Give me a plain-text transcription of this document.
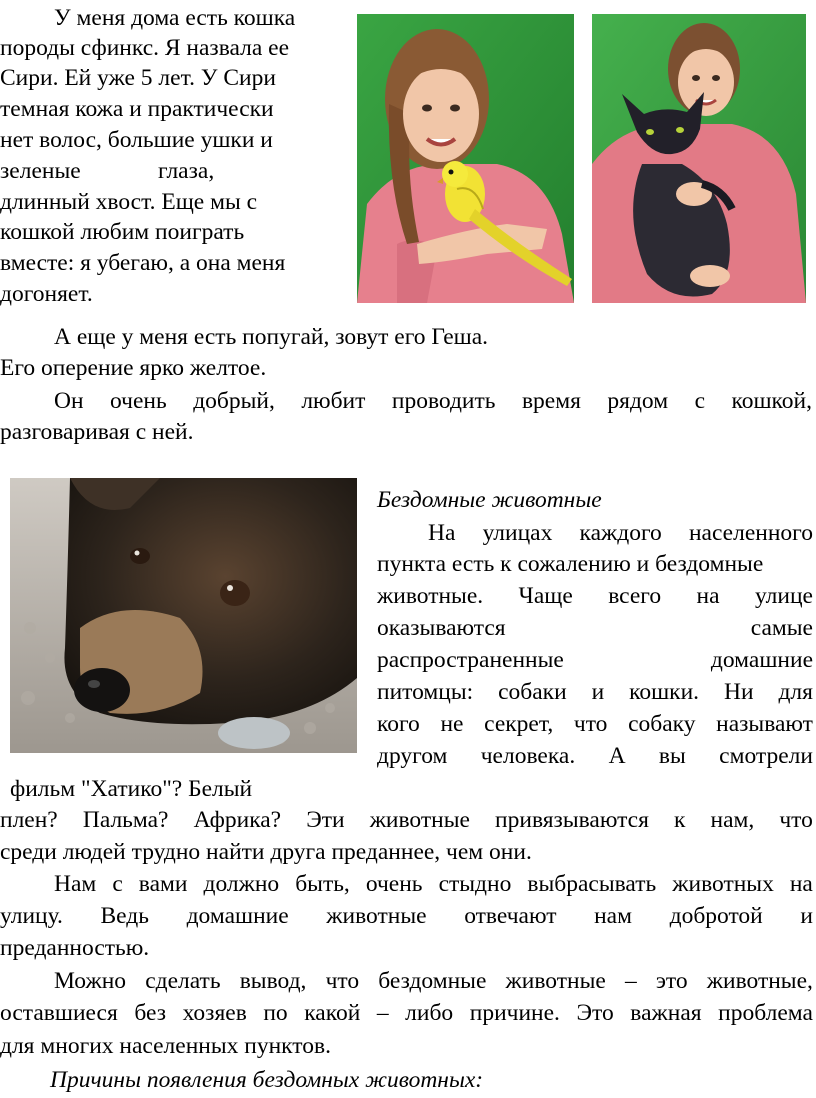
У меня дома есть кошка
породы сфинкс. Я назвала ее
Сири. Ей уже 5 лет. У Сири
темная кожа и практически
нет волос, большие ушки и
зеленые	глаза,
длинный хвост. Еще мы с
кошкой любим поиграть
вместе: я убегаю, а она меня
догоняет.
А еще у меня есть попугай, зовут его Геша.
Его оперение ярко желтое.
Он очень добрый, любит проводить время рядом с кошкой,
разговаривая с ней.
Бездомные животные
На улицах каждого населенного
пункта есть к сожалению и бездомные
животные. Чаще всего на улице
оказываются	самые
распространенные	домашние
питомцы: собаки и кошки. Ни для
кого не секрет, что собаку называют
другом человека. А вы смотрели
фильм "Хатико"? Белый
плен? Пальма? Африка? Эти животные привязываются к нам, что
среди людей трудно найти друга преданнее, чем они.
Нам с вами должно быть, очень стыдно выбрасывать животных на
улицу. Ведь домашние животные отвечают нам добротой и
преданностью.
Можно сделать вывод, что бездомные животные – это животные,
оставшиеся без хозяев по какой – либо причине. Это важная проблема
для многих населенных пунктов.
Причины появления бездомных животных:
